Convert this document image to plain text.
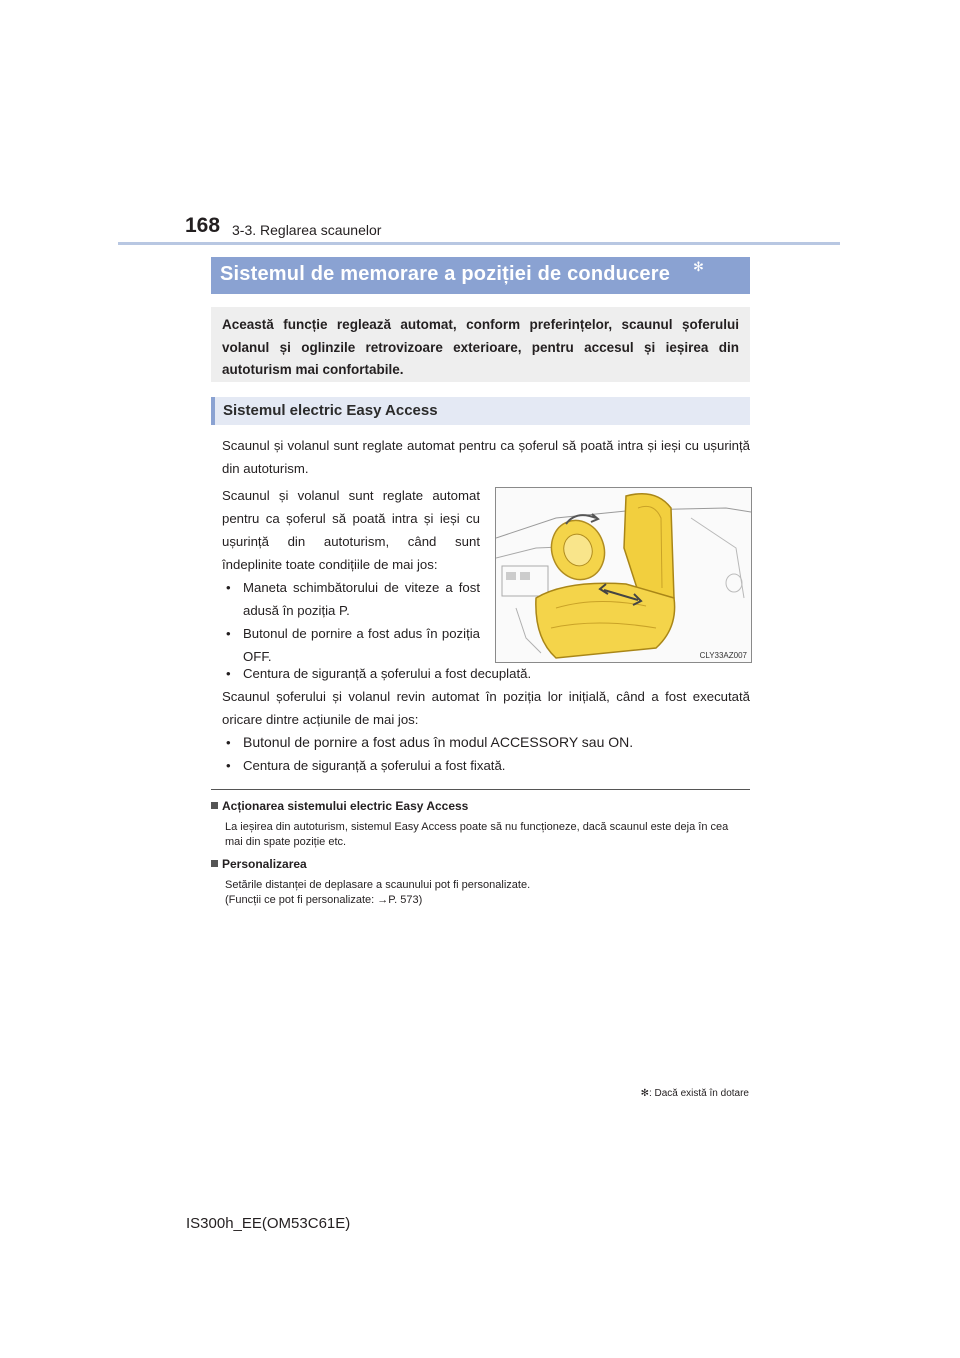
168 3-3. Reglarea scaunelor
Sistemul de memorare a poziției de conducere ✻
Această funcție reglează automat, conform preferințelor, scaunul șoferului volanul și oglinzile retrovizoare exterioare, pentru accesul și ieșirea din autoturism mai confortabile.
Sistemul electric Easy Access
Scaunul și volanul sunt reglate automat pentru ca șoferul să poată intra și ieși cu ușurință din autoturism.
Scaunul și volanul sunt reglate automat pentru ca șoferul să poată intra și ieși cu ușurință din autoturism, când sunt îndeplinite toate condițiile de mai jos:
• Maneta schimbătorului de viteze a fost adusă în poziția P.
• Butonul de pornire a fost adus în poziția OFF.
• Centura de siguranță a șoferului a fost decuplată.
CLY33AZ007
Scaunul șoferului și volanul revin automat în poziția lor inițială, când a fost executată oricare dintre acțiunile de mai jos:
• Butonul de pornire a fost adus în modul ACCESSORY sau ON.
• Centura de siguranță a șoferului a fost fixată.
Acționarea sistemului electric Easy Access
La ieșirea din autoturism, sistemul Easy Access poate să nu funcționeze, dacă scaunul este deja în cea mai din spate poziție etc.
Personalizarea
Setările distanței de deplasare a scaunului pot fi personalizate.
(Funcții ce pot fi personalizate: →P. 573)
✻: Dacă există în dotare
IS300h_EE(OM53C61E)
